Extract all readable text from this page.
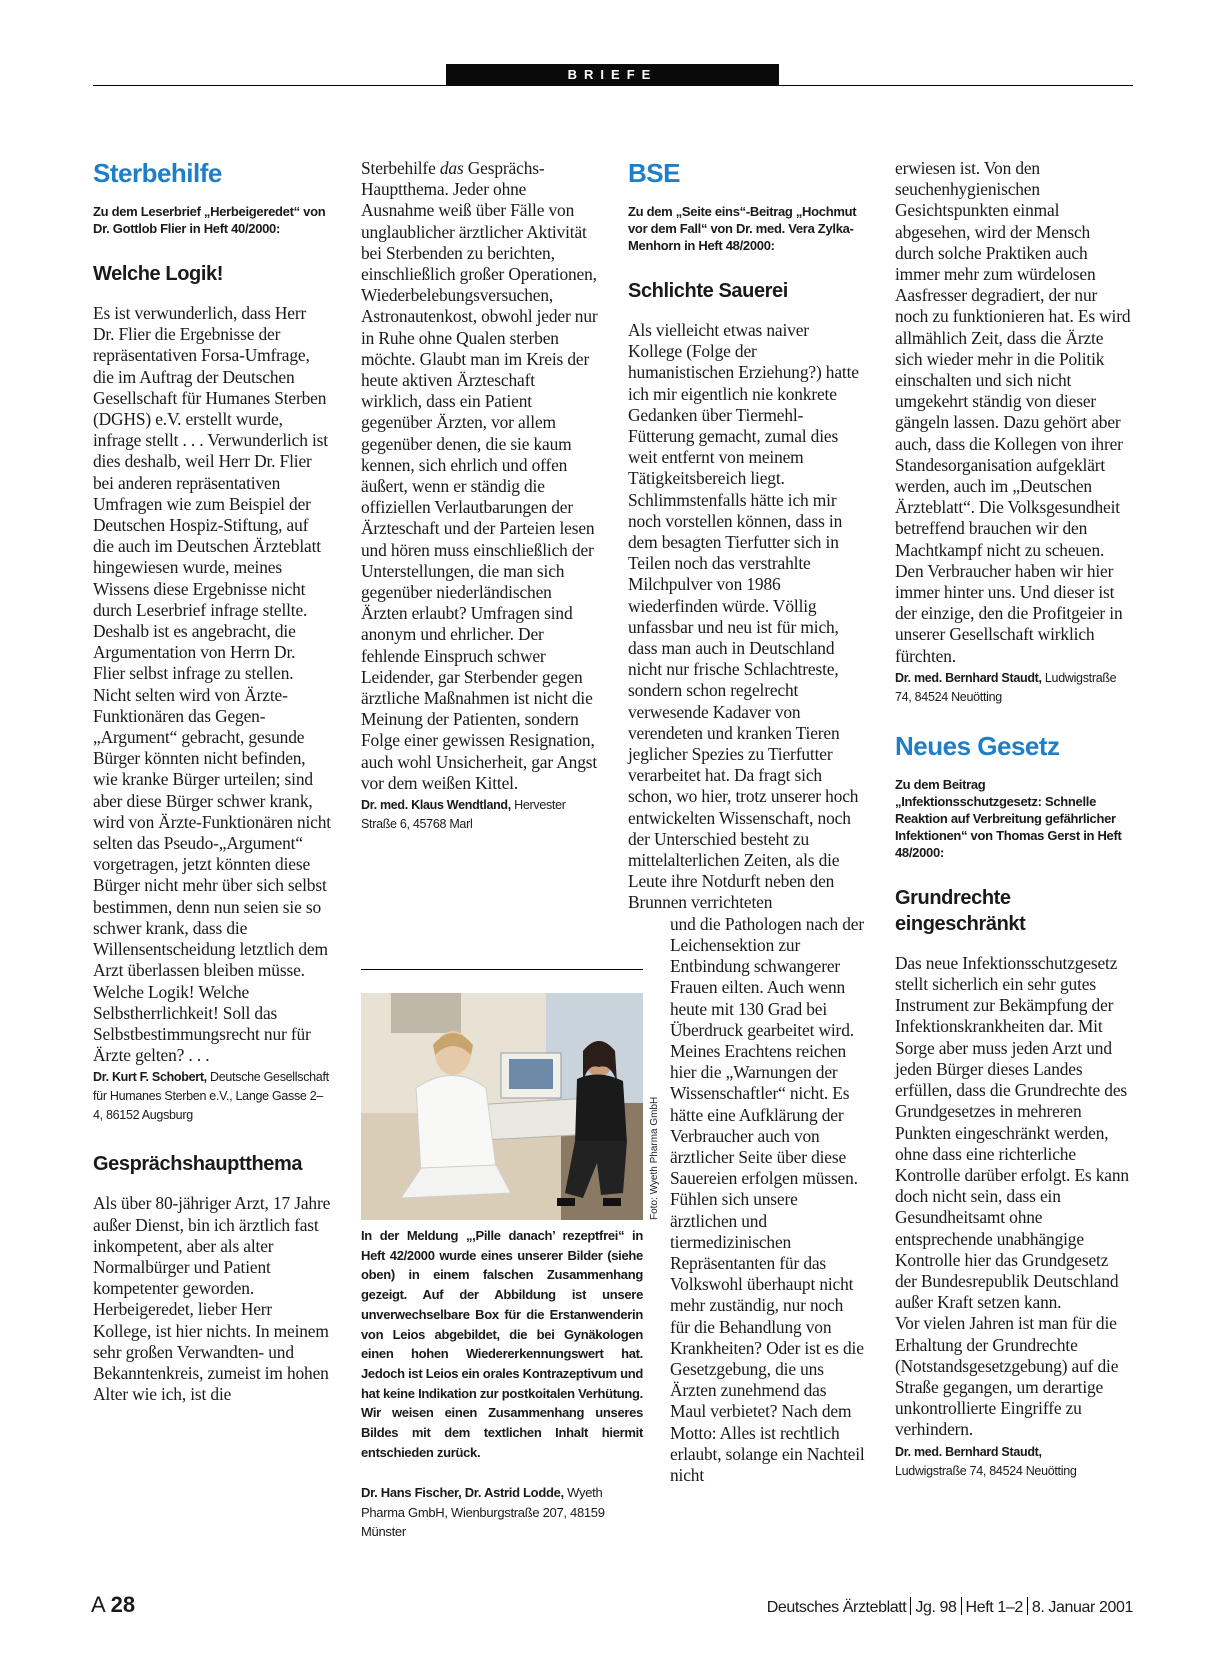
BRIEFE
Sterbehilfe

Zu dem Leserbrief „Herbeigeredet“ von Dr. Gottlob Flier in Heft 40/2000:

Welche Logik!

Es ist verwunderlich, dass Herr Dr. Flier die Ergebnisse der repräsentativen Forsa-Umfrage, die im Auftrag der Deutschen Gesellschaft für Humanes Sterben (DGHS) e.V. erstellt wurde, infrage stellt . . . Verwunderlich ist dies deshalb, weil Herr Dr. Flier bei anderen repräsentativen Umfragen wie zum Beispiel der Deutschen Hospiz-Stiftung, auf die auch im Deutschen Ärzteblatt hingewiesen wurde, meines Wissens diese Ergebnisse nicht durch Leserbrief infrage stellte. Deshalb ist es angebracht, die Argumentation von Herrn Dr. Flier selbst infrage zu stellen.

Nicht selten wird von Ärzte-Funktionären das Gegen-„Argument“ gebracht, gesunde Bürger könnten nicht befinden, wie kranke Bürger urteilen; sind aber diese Bürger schwer krank, wird von Ärzte-Funktionären nicht selten das Pseudo-„Argument“ vorgetragen, jetzt könnten diese Bürger nicht mehr über sich selbst bestimmen, denn nun seien sie so schwer krank, dass die Willensentscheidung letztlich dem Arzt überlassen bleiben müsse.

Welche Logik! Welche Selbstherrlichkeit! Soll das Selbstbestimmungsrecht nur für Ärzte gelten? . . .

Dr. Kurt F. Schobert, Deutsche Gesellschaft für Humanes Sterben e.V., Lange Gasse 2–4, 86152 Augsburg

Gesprächshauptthema

Als über 80-jähriger Arzt, 17 Jahre außer Dienst, bin ich ärztlich fast inkompetent, aber als alter Normalbürger und Patient kompetenter geworden. Herbeigeredet, lieber Herr Kollege, ist hier nichts. In meinem sehr großen Verwandten- und Bekanntenkreis, zumeist im hohen Alter wie ich, ist die

Sterbehilfe das Gesprächs-Hauptthema. Jeder ohne Ausnahme weiß über Fälle von unglaublicher ärztlicher Aktivität bei Sterbenden zu berichten, einschließlich großer Operationen, Wiederbelebungsversuchen, Astronautenkost, obwohl jeder nur in Ruhe ohne Qualen sterben möchte. Glaubt man im Kreis der heute aktiven Ärzteschaft wirklich, dass ein Patient gegenüber Ärzten, vor allem gegenüber denen, die sie kaum kennen, sich ehrlich und offen äußert, wenn er ständig die offiziellen Verlautbarungen der Ärzteschaft und der Parteien lesen und hören muss einschließlich der Unterstellungen, die man sich gegenüber niederländischen Ärzten erlaubt? Umfragen sind anonym und ehrlicher. Der fehlende Einspruch schwer Leidender, gar Sterbender gegen ärztliche Maßnahmen ist nicht die Meinung der Patienten, sondern Folge einer gewissen Resignation, auch wohl Unsicherheit, gar Angst vor dem weißen Kittel.

Dr. med. Klaus Wendtland, Hervester Straße 6, 45768 Marl

Foto: Wyeth Pharma GmbH
In der Meldung „,Pille danach’ rezeptfrei“ in Heft 42/2000 wurde eines unserer Bilder (siehe oben) in einem falschen Zusammenhang gezeigt. Auf der Abbildung ist unsere unverwechselbare Box für die Erstanwenderin von Leios abgebildet, die bei Gynäkologen einen hohen Wiedererkennungswert hat. Jedoch ist Leios ein orales Kontrazeptivum und hat keine Indikation zur postkoitalen Verhütung. Wir weisen einen Zusammenhang unseres Bildes mit dem textlichen Inhalt hiermit entschieden zurück.
Dr. Hans Fischer, Dr. Astrid Lodde, Wyeth Pharma GmbH, Wienburgstraße 207, 48159 Münster
BSE

Zu dem „Seite eins“-Beitrag „Hochmut vor dem Fall“ von Dr. med. Vera Zylka-Menhorn in Heft 48/2000:

Schlichte Sauerei

Als vielleicht etwas naiver Kollege (Folge der humanistischen Erziehung?) hatte ich mir eigentlich nie konkrete Gedanken über Tiermehl-Fütterung gemacht, zumal dies weit entfernt von meinem Tätigkeitsbereich liegt. Schlimmstenfalls hätte ich mir noch vorstellen können, dass in dem besagten Tierfutter sich in Teilen noch das verstrahlte Milchpulver von 1986 wiederfinden würde. Völlig unfassbar und neu ist für mich, dass man auch in Deutschland nicht nur frische Schlachtreste, sondern schon regelrecht verwesende Kadaver von verendeten und kranken Tieren jeglicher Spezies zu Tierfutter verarbeitet hat. Da fragt sich schon, wo hier, trotz unserer hoch entwickelten Wissenschaft, noch der Unterschied besteht zu mittelalterlichen Zeiten, als die Leute ihre Notdurft neben den Brunnen verrichteten

und die Pathologen nach der Leichensektion zur Entbindung schwangerer Frauen eilten. Auch wenn heute mit 130 Grad bei Überdruck gearbeitet wird. Meines Erachtens reichen hier die „Warnungen der Wissenschaftler“ nicht. Es hätte eine Aufklärung der Verbraucher auch von ärztlicher Seite über diese Sauereien erfolgen müssen. Fühlen sich unsere ärztlichen und tiermedizinischen Repräsentanten für das Volkswohl überhaupt nicht mehr zuständig, nur noch für die Behandlung von Krankheiten? Oder ist es die Gesetzgebung, die uns Ärzten zunehmend das Maul verbietet? Nach dem Motto: Alles ist rechtlich erlaubt, solange ein Nachteil nicht

erwiesen ist. Von den seuchenhygienischen Gesichtspunkten einmal abgesehen, wird der Mensch durch solche Praktiken auch immer mehr zum würdelosen Aasfresser degradiert, der nur noch zu funktionieren hat. Es wird allmählich Zeit, dass die Ärzte sich wieder mehr in die Politik einschalten und sich nicht umgekehrt ständig von dieser gängeln lassen. Dazu gehört aber auch, dass die Kollegen von ihrer Standesorganisation aufgeklärt werden, auch im „Deutschen Ärzteblatt“. Die Volksgesundheit betreffend brauchen wir den Machtkampf nicht zu scheuen. Den Verbraucher haben wir hier immer hinter uns. Und dieser ist der einzige, den die Profitgeier in unserer Gesellschaft wirklich fürchten.

Dr. med. Bernhard Staudt, Ludwigstraße 74, 84524 Neuötting

Neues Gesetz

Zu dem Beitrag „Infektionsschutzgesetz: Schnelle Reaktion auf Verbreitung gefährlicher Infektionen“ von Thomas Gerst in Heft 48/2000:

Grundrechte eingeschränkt

Das neue Infektionsschutzgesetz stellt sicherlich ein sehr gutes Instrument zur Bekämpfung der Infektionskrankheiten dar. Mit Sorge aber muss jeden Arzt und jeden Bürger dieses Landes erfüllen, dass die Grundrechte des Grundgesetzes in mehreren Punkten eingeschränkt werden, ohne dass eine richterliche Kontrolle darüber erfolgt. Es kann doch nicht sein, dass ein Gesundheitsamt ohne entsprechende unabhängige Kontrolle hier das Grundgesetz der Bundesrepublik Deutschland außer Kraft setzen kann.

Vor vielen Jahren ist man für die Erhaltung der Grundrechte (Notstandsgesetzgebung) auf die Straße gegangen, um derartige unkontrollierte Eingriffe zu verhindern.

Dr. med. Bernhard Staudt,
Ludwigstraße 74, 84524 Neuötting

A 28	Deutsches Ärzteblatt Jg. 98 Heft 1–2 8. Januar 2001
